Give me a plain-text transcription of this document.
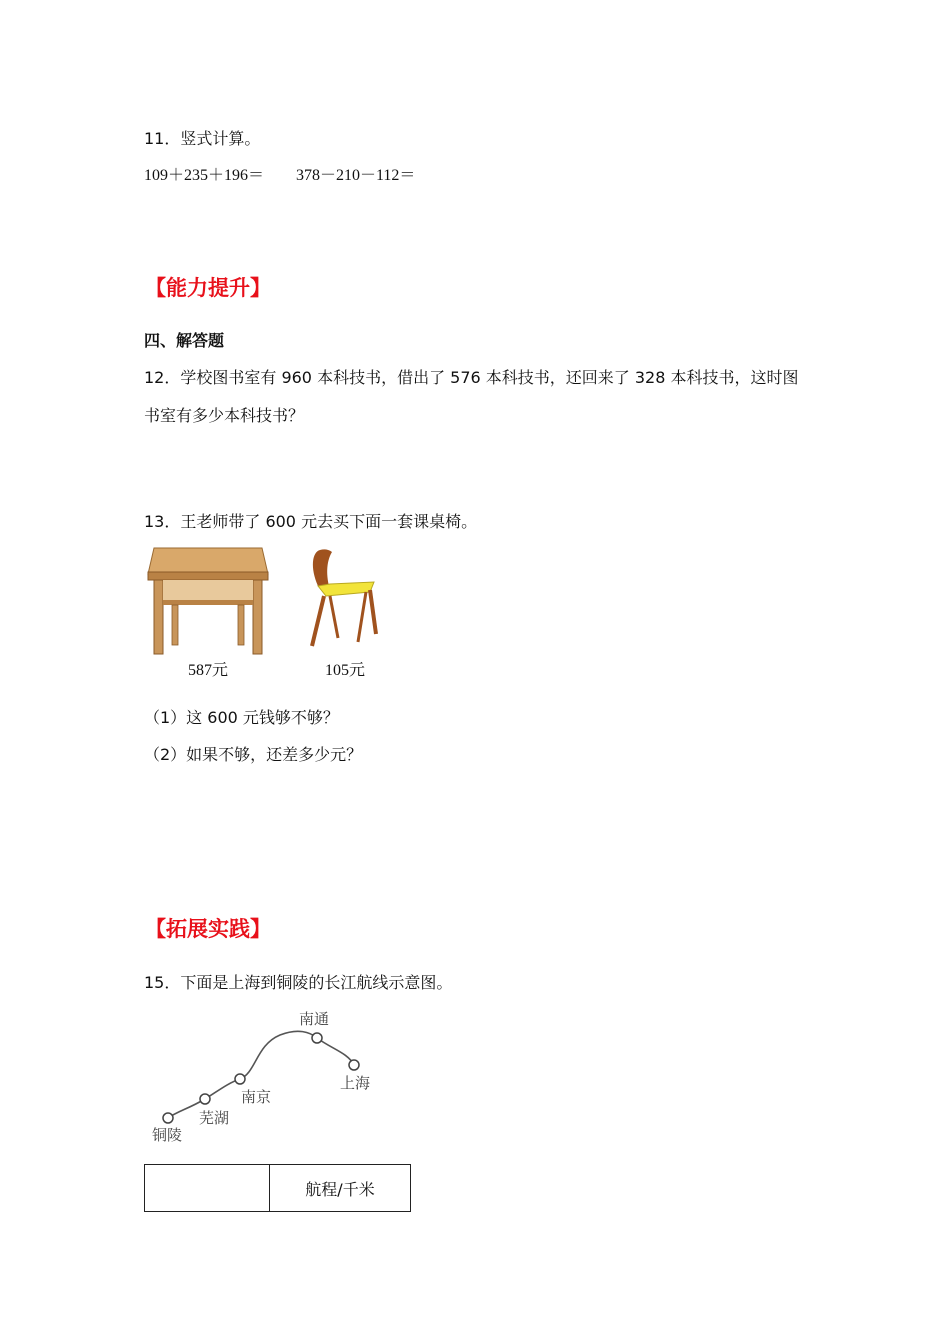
11．竖式计算。
109＋235＋196＝ 378－210－112＝
【能力提升】
四、解答题
12．学校图书室有 960 本科技书，借出了 576 本科技书，还回来了 328 本科技书，这时图
书室有多少本科技书？
13．王老师带了 600 元去买下面一套课桌椅。
587元	105元
（1）这 600 元钱够不够？
（2）如果不够，还差多少元？
【拓展实践】
15．下面是上海到铜陵的长江航线示意图。
南通
上海
南京
芜湖
铜陵
	航程/千米
